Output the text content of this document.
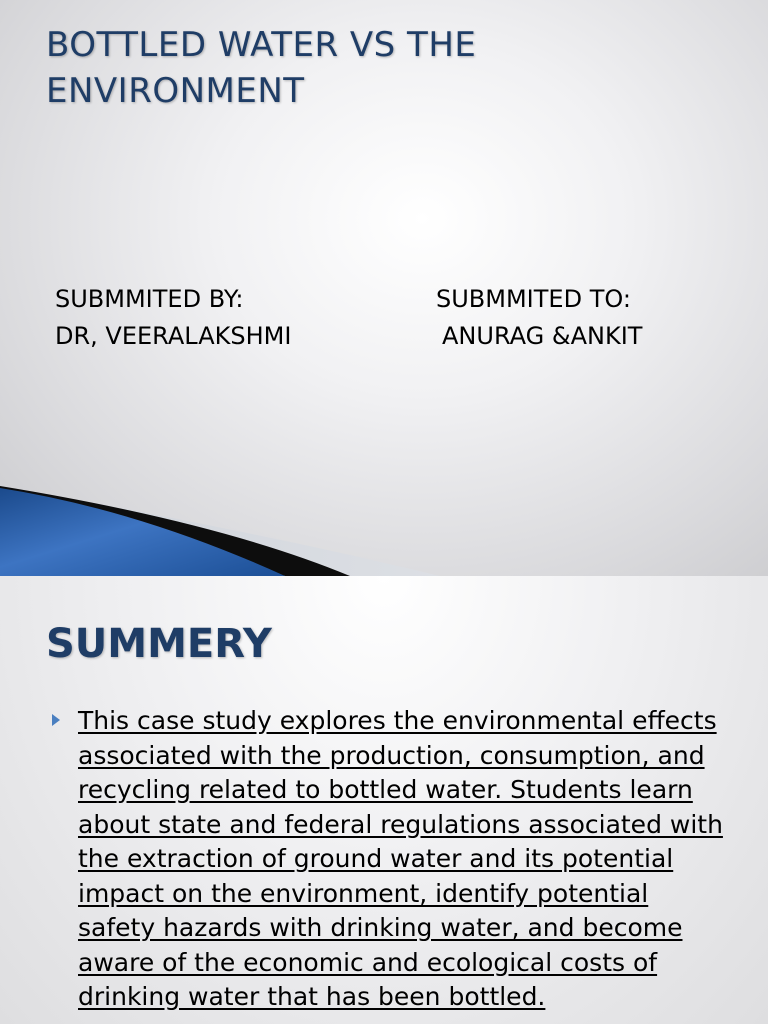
BOTTLED WATER VS THE ENVIRONMENT

SUBMMITED BY:

DR, VEERALAKSHMI

SUBMMITED TO:

ANURAG &ANKIT

SUMMERY

This case study explores the environmental effects associated with the production, consumption, and recycling related to bottled water. Students learn about state and federal regulations associated with the extraction of ground water and its potential impact on the environment, identify potential safety hazards with drinking water, and become aware of the economic and ecological costs of drinking water that has been bottled.
